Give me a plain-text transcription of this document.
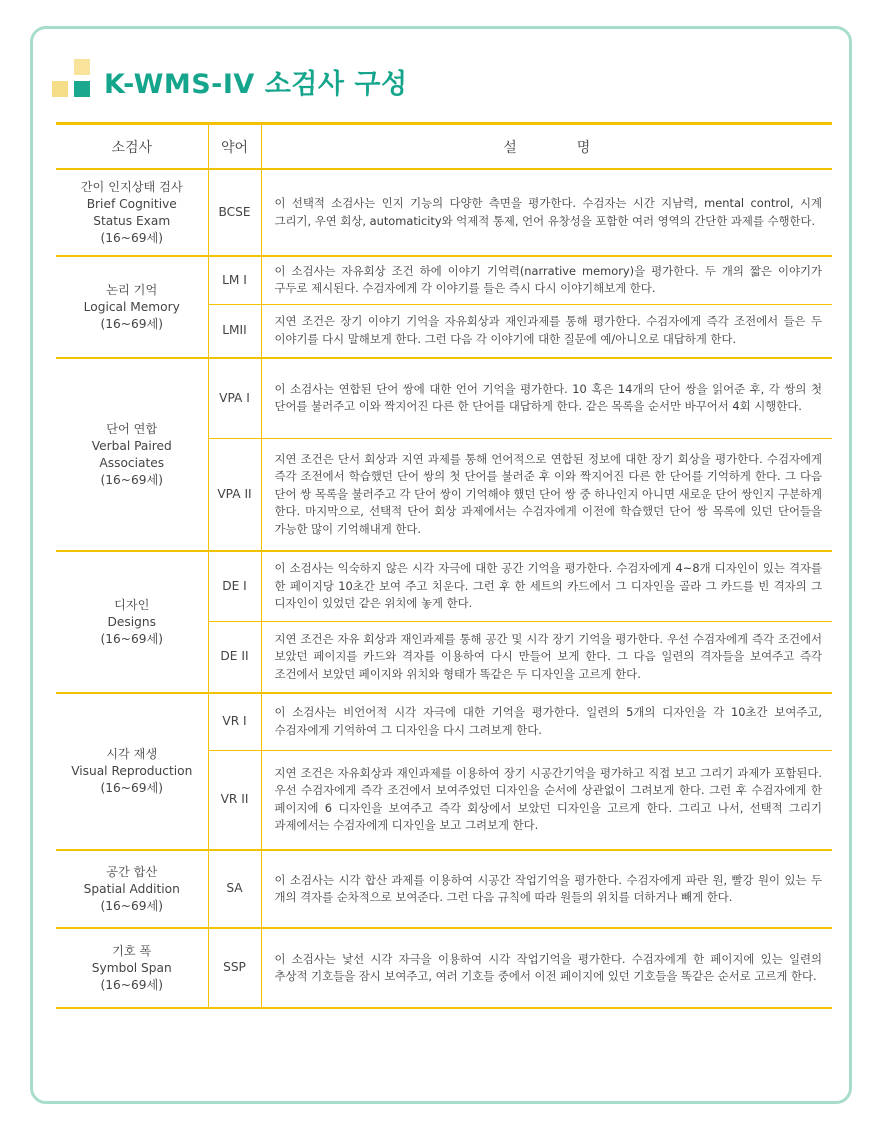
K-WMS-IV 소검사 구성
소검사	약어	설 명

간이 인지상태 검사
Brief Cognitive
Status Exam
(16~69세)	BCSE	이 선택적 소검사는 인지 기능의 다양한 측면을 평가한다. 수검자는 시간 지남력, mental control, 시계 그리기, 우연 회상, automaticity와 억제적 통제, 언어 유창성을 포함한 여러 영역의 간단한 과제를 수행한다.

논리 기억
Logical Memory
(16~69세)	LM I	이 소검사는 자유회상 조건 하에 이야기 기억력(narrative memory)을 평가한다. 두 개의 짧은 이야기가 구두로 제시된다. 수검자에게 각 이야기를 들은 즉시 다시 이야기해보게 한다.
	LMII	지연 조건은 장기 이야기 기억을 자유회상과 재인과제를 통해 평가한다. 수검자에게 즉각 조전에서 들은 두 이야기를 다시 말해보게 한다. 그런 다음 각 이야기에 대한 질문에 예/아니오로 대답하게 한다.

단어 연합
Verbal Paired
Associates
(16~69세)	VPA I	이 소검사는 연합된 단어 쌍에 대한 언어 기억을 평가한다. 10 혹은 14개의 단어 쌍을 읽어준 후, 각 쌍의 첫 단어를 불러주고 이와 짝지어진 다른 한 단어를 대답하게 한다. 같은 목록을 순서만 바꾸어서 4회 시행한다.
	VPA II	지연 조건은 단서 회상과 지연 과제를 통해 언어적으로 연합된 정보에 대한 장기 회상을 평가한다. 수검자에게 즉각 조전에서 학습했던 단어 쌍의 첫 단어를 불러준 후 이와 짝지어진 다른 한 단어를 기억하게 한다. 그 다음 단어 쌍 목록을 불러주고 각 단어 쌍이 기억해야 했던 단어 쌍 중 하나인지 아니면 새로운 단어 쌍인지 구분하게 한다. 마지막으로, 선택적 단어 회상 과제에서는 수검자에게 이전에 학습했던 단어 쌍 목록에 있던 단어들을 가능한 많이 기억해내게 한다.

디자인
Designs
(16~69세)	DE I	이 소검사는 익숙하지 않은 시각 자극에 대한 공간 기억을 평가한다. 수검자에게 4~8개 디자인이 있는 격자를 한 페이지당 10초간 보여 주고 치운다. 그런 후 한 세트의 카드에서 그 디자인을 골라 그 카드를 빈 격자의 그 디자인이 있었던 같은 위치에 놓게 한다.
	DE II	지연 조건은 자유 회상과 재인과제를 통해 공간 및 시각 장기 기억을 평가한다. 우선 수검자에게 즉각 조건에서 보았던 페이지를 카드와 격자를 이용하여 다시 만들어 보게 한다. 그 다음 일련의 격자들을 보여주고 즉각 조건에서 보았던 페이지와 위치와 형태가 똑같은 두 디자인을 고르게 한다.

시각 재생
Visual Reproduction
(16~69세)	VR I	이 소검사는 비언어적 시각 자극에 대한 기억을 평가한다. 일련의 5개의 디자인을 각 10초간 보여주고, 수검자에게 기억하여 그 디자인을 다시 그려보게 한다.
	VR II	지연 조건은 자유회상과 재인과제를 이용하여 장기 시공간기억을 평가하고 직접 보고 그리기 과제가 포함된다. 우선 수검자에게 즉각 조건에서 보여주었던 디자인을 순서에 상관없이 그려보게 한다. 그런 후 수검자에게 한 페이지에 6 디자인을 보여주고 즉각 회상에서 보았던 디자인을 고르게 한다. 그리고 나서, 선택적 그리기 과제에서는 수검자에게 디자인을 보고 그려보게 한다.

공간 합산
Spatial Addition
(16~69세)	SA	이 소검사는 시각 합산 과제를 이용하여 시공간 작업기억을 평가한다. 수검자에게 파란 원, 빨강 원이 있는 두 개의 격자를 순차적으로 보여준다. 그런 다음 규칙에 따라 원들의 위치를 더하거나 빼게 한다.

기호 폭
Symbol Span
(16~69세)	SSP	이 소검사는 낯선 시각 자극을 이용하여 시각 작업기억을 평가한다. 수검자에게 한 페이지에 있는 일련의 추상적 기호들을 잠시 보여주고, 여러 기호들 중에서 이전 페이지에 있던 기호들을 똑같은 순서로 고르게 한다.
